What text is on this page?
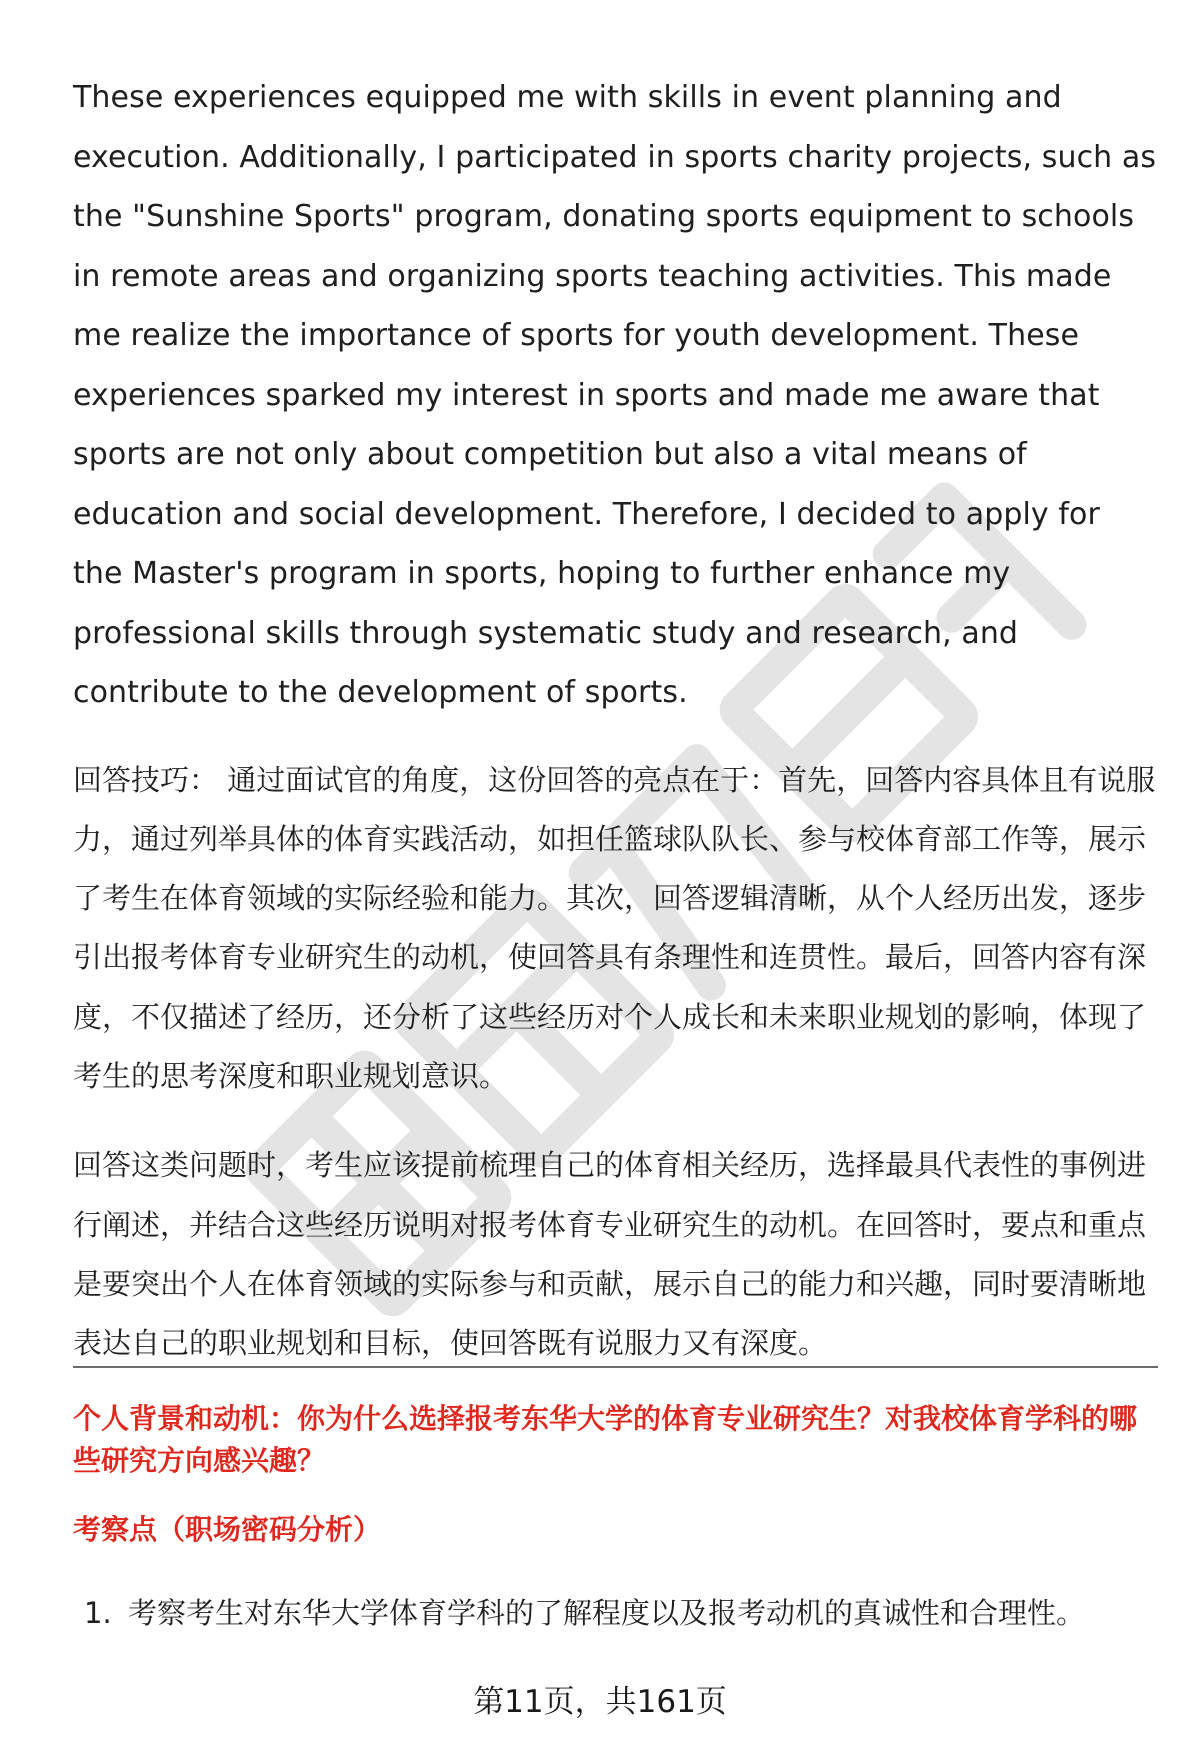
These experiences equipped me with skills in event planning and execution. Additionally, I participated in sports charity projects, such as the "Sunshine Sports" program, donating sports equipment to schools in remote areas and organizing sports teaching activities. This made me realize the importance of sports for youth development. These experiences sparked my interest in sports and made me aware that sports are not only about competition but also a vital means of education and social development. Therefore, I decided to apply for the Master's program in sports, hoping to further enhance my professional skills through systematic study and research, and contribute to the development of sports.

回答技巧： 通过面试官的角度，这份回答的亮点在于：首先，回答内容具体且有说服力，通过列举具体的体育实践活动，如担任篮球队队长、参与校体育部工作等，展示了考生在体育领域的实际经验和能力。其次，回答逻辑清晰，从个人经历出发，逐步引出报考体育专业研究生的动机，使回答具有条理性和连贯性。最后，回答内容有深度，不仅描述了经历，还分析了这些经历对个人成长和未来职业规划的影响，体现了考生的思考深度和职业规划意识。

回答这类问题时，考生应该提前梳理自己的体育相关经历，选择最具代表性的事例进行阐述，并结合这些经历说明对报考体育专业研究生的动机。在回答时，要点和重点是要突出个人在体育领域的实际参与和贡献，展示自己的能力和兴趣，同时要清晰地表达自己的职业规划和目标，使回答既有说服力又有深度。

个人背景和动机：你为什么选择报考东华大学的体育专业研究生？对我校体育学科的哪些研究方向感兴趣？

考察点（职场密码分析）

1. 考察考生对东华大学体育学科的了解程度以及报考动机的真诚性和合理性。
第11页，共161页
